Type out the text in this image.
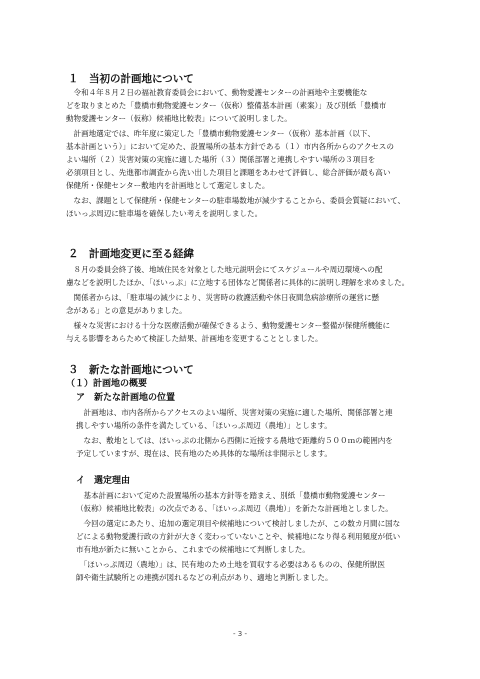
１　当初の計画地について
　令和４年８月２日の福祉教育委員会において、動物愛護センターの計画地や主要機能な
どを取りまとめた「豊橋市動物愛護センター（仮称）整備基本計画（素案）」及び別紙「豊橋市
動物愛護センター（仮称）候補地比較表」について説明しました。
　計画地選定では、昨年度に策定した「豊橋市動物愛護センター（仮称）基本計画（以下、
基本計画という）」において定めた、設置場所の基本方針である（１）市内各所からのアクセスの
よい場所（２）災害対策の実施に適した場所（３）関係部署と連携しやすい場所の３項目を
必須項目とし、先進都市調査から洗い出した項目と課題をあわせて評価し、総合評価が最も高い
保健所・保健センター敷地内を計画地として選定しました。
　なお、課題として保健所・保健センターの駐車場数地が減少することから、委員会質疑において、
ほいっぷ周辺に駐車場を確保したい考えを説明しました。
２　計画地変更に至る経緯
　８月の委員会終了後、地域住民を対象とした地元説明会にてスケジュールや周辺環境への配
慮などを説明したほか、「ほいっぷ」に立地する団体など関係者に具体的に説明し理解を求めました。
　関係者からは、「駐車場の減少により、災害時の救護活動や休日夜間急病診療所の運営に懸
念がある」との意見がありました。
　様々な災害における十分な医療活動が確保できるよう、動物愛護センター整備が保健所機能に
与える影響をあらためて検証した結果、計画地を変更することとしました。
３　新たな計画地について
（１）計画地の概要
ア　新たな計画地の位置
　計画地は、市内各所からアクセスのよい場所、災害対策の実施に適した場所、関係部署と連
携しやすい場所の条件を満たしている、「ほいっぷ周辺（農地）」とします。
　なお、敷地としては、ほいっぷの北側から西側に近接する農地で距離約５００ｍの範囲内を
予定していますが、現在は、民有地のため具体的な場所は非開示とします。
イ　選定理由
　基本計画において定めた設置場所の基本方針等を踏まえ、別紙「豊橋市動物愛護センター
（仮称）候補地比較表」の次点である、「ほいっぷ周辺（農地）」を新たな計画地としました。
　今回の選定にあたり、追加の選定項目や候補地について検討しましたが、この数カ月間に国な
どによる動物愛護行政の方針が大きく変わっていないことや、候補地になり得る利用頻度が低い
市有地が新たに無いことから、これまでの候補地にて判断しました。
　「ほいっぷ周辺（農地）」は、民有地のため土地を買収する必要はあるものの、保健所獣医
師や衛生試験所との連携が図れるなどの利点があり、適地と判断しました。
- 3 -
